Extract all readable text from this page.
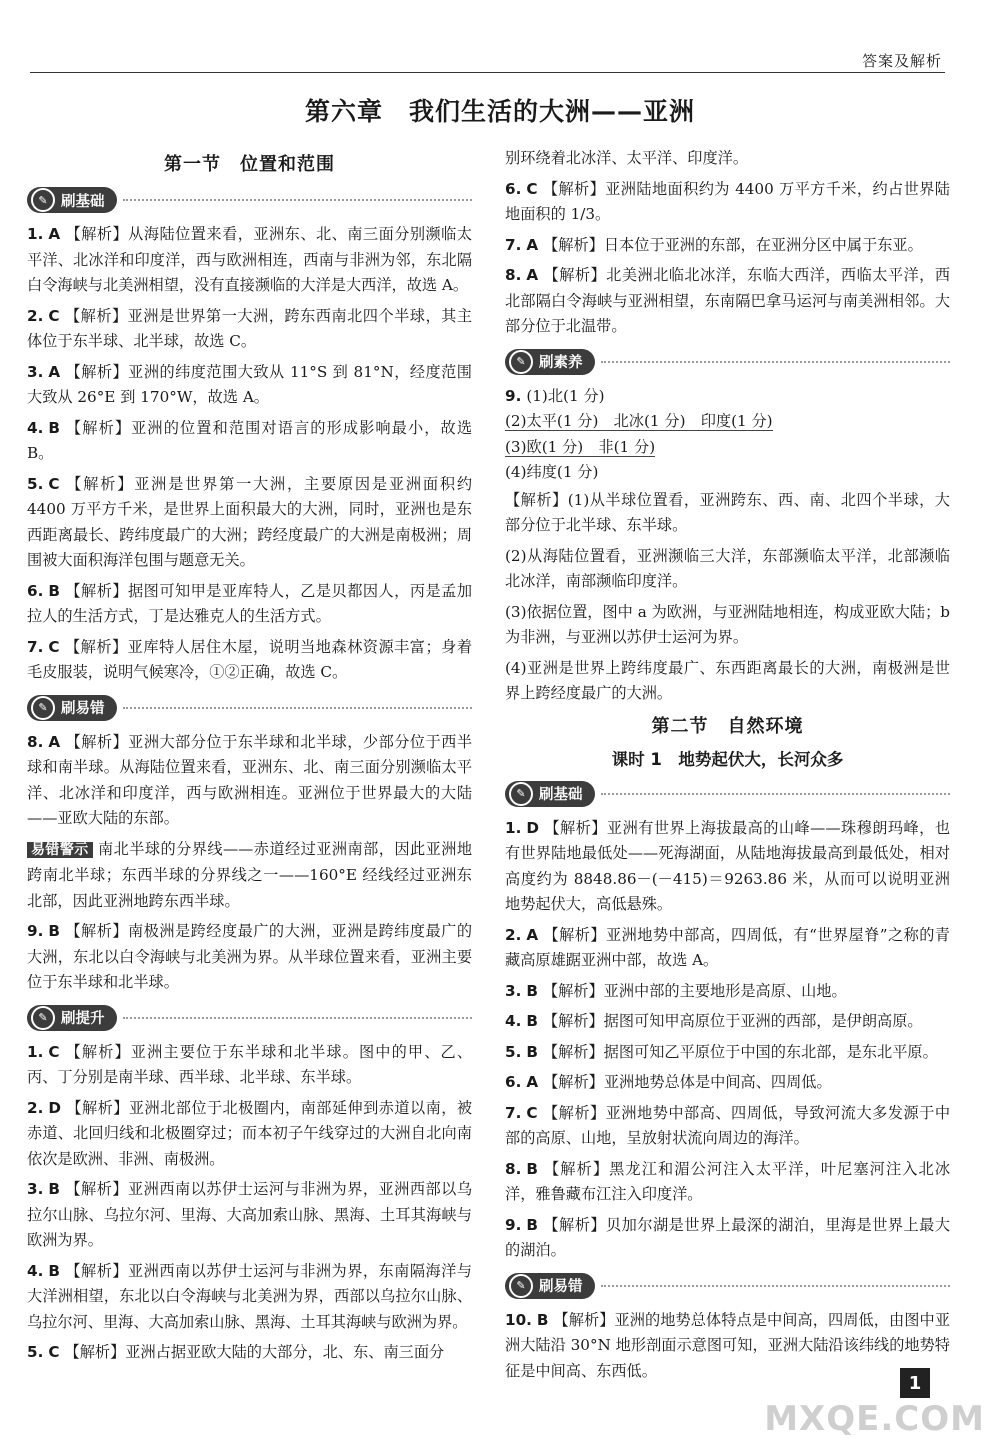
答案及解析
第六章　我们生活的大洲——亚洲
第一节　位置和范围
✎ 刷基础

1. A 【解析】从海陆位置来看，亚洲东、北、南三面分别濒临太平洋、北冰洋和印度洋，西与欧洲相连，西南与非洲为邻，东北隔白令海峡与北美洲相望，没有直接濒临的大洋是大西洋，故选 A。

2. C 【解析】亚洲是世界第一大洲，跨东西南北四个半球，其主体位于东半球、北半球，故选 C。

3. A 【解析】亚洲的纬度范围大致从 11°S 到 81°N，经度范围大致从 26°E 到 170°W，故选 A。

4. B 【解析】亚洲的位置和范围对语言的形成影响最小，故选 B。

5. C 【解析】亚洲是世界第一大洲，主要原因是亚洲面积约 4400 万平方千米，是世界上面积最大的大洲，同时，亚洲也是东西距离最长、跨纬度最广的大洲；跨经度最广的大洲是南极洲；周围被大面积海洋包围与题意无关。

6. B 【解析】据图可知甲是亚库特人，乙是贝都因人，丙是孟加拉人的生活方式，丁是达雅克人的生活方式。

7. C 【解析】亚库特人居住木屋，说明当地森林资源丰富；身着毛皮服装，说明气候寒冷，①②正确，故选 C。

✎ 刷易错

8. A 【解析】亚洲大部分位于东半球和北半球，少部分位于西半球和南半球。从海陆位置来看，亚洲东、北、南三面分别濒临太平洋、北冰洋和印度洋，西与欧洲相连。亚洲位于世界最大的大陆——亚欧大陆的东部。

易错警示 南北半球的分界线——赤道经过亚洲南部，因此亚洲地跨南北半球；东西半球的分界线之一——160°E 经线经过亚洲东北部，因此亚洲地跨东西半球。

9. B 【解析】南极洲是跨经度最广的大洲，亚洲是跨纬度最广的大洲，东北以白令海峡与北美洲为界。从半球位置来看，亚洲主要位于东半球和北半球。

✎ 刷提升

1. C 【解析】亚洲主要位于东半球和北半球。图中的甲、乙、丙、丁分别是南半球、西半球、北半球、东半球。

2. D 【解析】亚洲北部位于北极圈内，南部延伸到赤道以南，被赤道、北回归线和北极圈穿过；而本初子午线穿过的大洲自北向南依次是欧洲、非洲、南极洲。

3. B 【解析】亚洲西南以苏伊士运河与非洲为界，亚洲西部以乌拉尔山脉、乌拉尔河、里海、大高加索山脉、黑海、土耳其海峡与欧洲为界。

4. B 【解析】亚洲西南以苏伊士运河与非洲为界，东南隔海洋与大洋洲相望，东北以白令海峡与北美洲为界，西部以乌拉尔山脉、乌拉尔河、里海、大高加索山脉、黑海、土耳其海峡与欧洲为界。

5. C 【解析】亚洲占据亚欧大陆的大部分，北、东、南三面分

别环绕着北冰洋、太平洋、印度洋。

6. C 【解析】亚洲陆地面积约为 4400 万平方千米，约占世界陆地面积的 1/3。

7. A 【解析】日本位于亚洲的东部，在亚洲分区中属于东亚。

8. A 【解析】北美洲北临北冰洋，东临大西洋，西临太平洋，西北部隔白令海峡与亚洲相望，东南隔巴拿马运河与南美洲相邻。大部分位于北温带。

✎ 刷素养

9. (1)北(1 分)

(2)太平(1 分)　北冰(1 分)　印度(1 分)

(3)欧(1 分)　非(1 分)

(4)纬度(1 分)

【解析】(1)从半球位置看，亚洲跨东、西、南、北四个半球，大部分位于北半球、东半球。

(2)从海陆位置看，亚洲濒临三大洋，东部濒临太平洋，北部濒临北冰洋，南部濒临印度洋。

(3)依据位置，图中 a 为欧洲，与亚洲陆地相连，构成亚欧大陆；b 为非洲，与亚洲以苏伊士运河为界。

(4)亚洲是世界上跨纬度最广、东西距离最长的大洲，南极洲是世界上跨经度最广的大洲。

第二节　自然环境
课时 1　地势起伏大，长河众多
✎ 刷基础

1. D 【解析】亚洲有世界上海拔最高的山峰——珠穆朗玛峰，也有世界陆地最低处——死海湖面，从陆地海拔最高到最低处，相对高度约为 8848.86－(－415)＝9263.86 米，从而可以说明亚洲地势起伏大，高低悬殊。

2. A 【解析】亚洲地势中部高，四周低，有“世界屋脊”之称的青藏高原雄踞亚洲中部，故选 A。

3. B 【解析】亚洲中部的主要地形是高原、山地。

4. B 【解析】据图可知甲高原位于亚洲的西部，是伊朗高原。

5. B 【解析】据图可知乙平原位于中国的东北部，是东北平原。

6. A 【解析】亚洲地势总体是中间高、四周低。

7. C 【解析】亚洲地势中部高、四周低，导致河流大多发源于中部的高原、山地，呈放射状流向周边的海洋。

8. B 【解析】黑龙江和湄公河注入太平洋，叶尼塞河注入北冰洋，雅鲁藏布江注入印度洋。

9. B 【解析】贝加尔湖是世界上最深的湖泊，里海是世界上最大的湖泊。

✎ 刷易错

10. B 【解析】亚洲的地势总体特点是中间高，四周低，由图中亚洲大陆沿 30°N 地形剖面示意图可知，亚洲大陆沿该纬线的地势特征是中间高、东西低。

1
MXQE.COM
